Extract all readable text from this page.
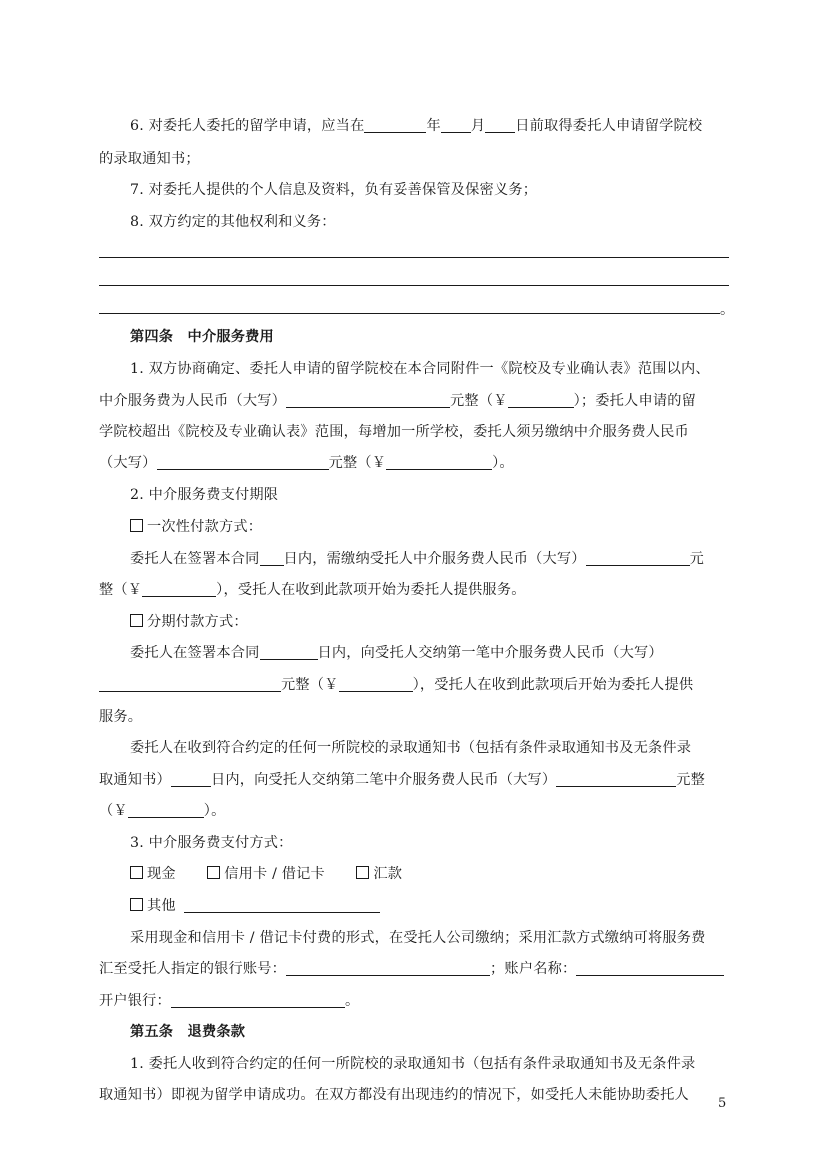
6. 对委托人委托的留学申请，应当在	年 月 日前取得委托人申请留学院校
的录取通知书；
7. 对委托人提供的个人信息及资料，负有妥善保管及保密义务；
8. 双方约定的其他权利和义务：
。
第四条　中介服务费用
1. 双方协商确定、委托人申请的留学院校在本合同附件一《院校及专业确认表》范围以内、
中介服务费为人民币（大写）	元整（￥	）；委托人申请的留
学院校超出《院校及专业确认表》范围，每增加一所学校，委托人须另缴纳中介服务费人民币
（大写）	元整（￥	）。
2. 中介服务费支付期限
一次性付款方式：
委托人在签署本合同 日内，需缴纳受托人中介服务费人民币（大写）	元
整（￥	），受托人在收到此款项开始为委托人提供服务。
分期付款方式：
委托人在签署本合同	日内，向受托人交纳第一笔中介服务费人民币（大写）
元整（￥	），受托人在收到此款项后开始为委托人提供
服务。
委托人在收到符合约定的任何一所院校的录取通知书（包括有条件录取通知书及无条件录
取通知书）	日内，向受托人交纳第二笔中介服务费人民币（大写）	元整
（￥	）。
3. 中介服务费支付方式：
现金	信用卡 / 借记卡	汇款
其他
采用现金和信用卡 / 借记卡付费的形式，在受托人公司缴纳；采用汇款方式缴纳可将服务费
汇至受托人指定的银行账号：	；账户名称：
开户银行：	。
第五条　退费条款
1. 委托人收到符合约定的任何一所院校的录取通知书（包括有条件录取通知书及无条件录
取通知书）即视为留学申请成功。在双方都没有出现违约的情况下，如受托人未能协助委托人
5
